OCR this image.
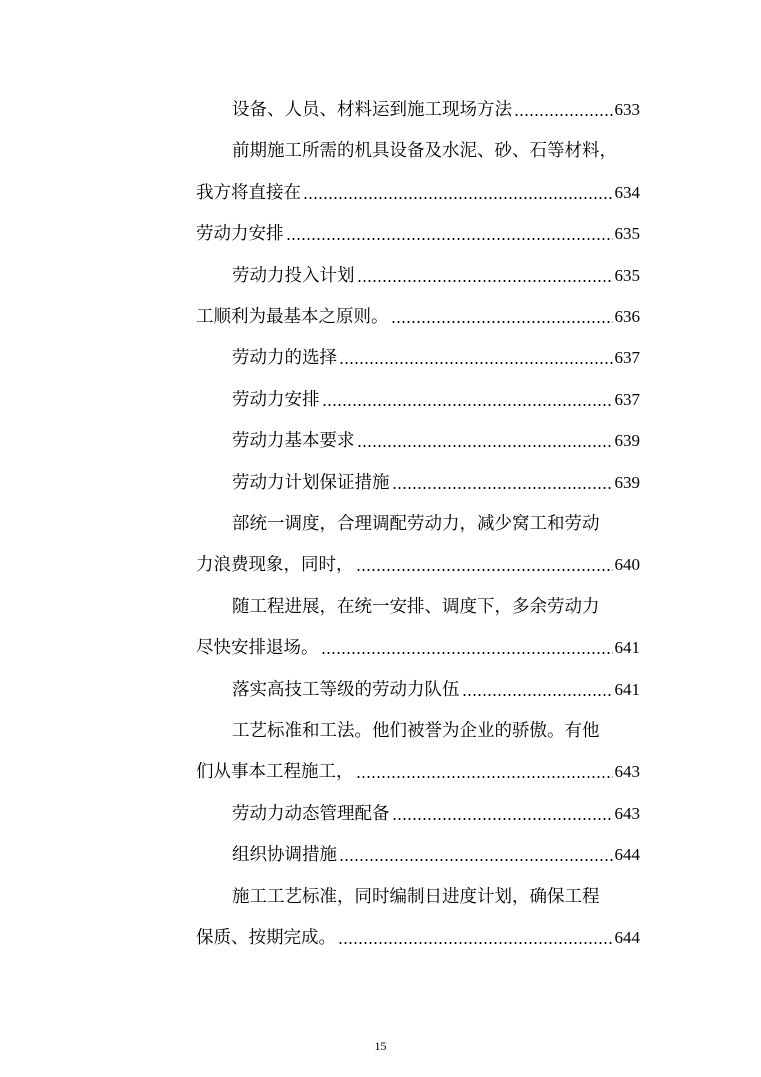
设备、人员、材料运到施工现场方法	633
前期施工所需的机具设备及水泥、砂、石等材料，
我方将直接在	634
劳动力安排	635
劳动力投入计划	635
工顺利为最基本之原则。	636
劳动力的选择	637
劳动力安排	637
劳动力基本要求	639
劳动力计划保证措施	639
部统一调度，合理调配劳动力，减少窝工和劳动
力浪费现象，同时，	640
随工程进展，在统一安排、调度下，多余劳动力
尽快安排退场。	641
落实高技工等级的劳动力队伍	641
工艺标准和工法。他们被誉为企业的骄傲。有他
们从事本工程施工，	643
劳动力动态管理配备	643
组织协调措施	644
施工工艺标准，同时编制日进度计划，确保工程
保质、按期完成。	644
15
